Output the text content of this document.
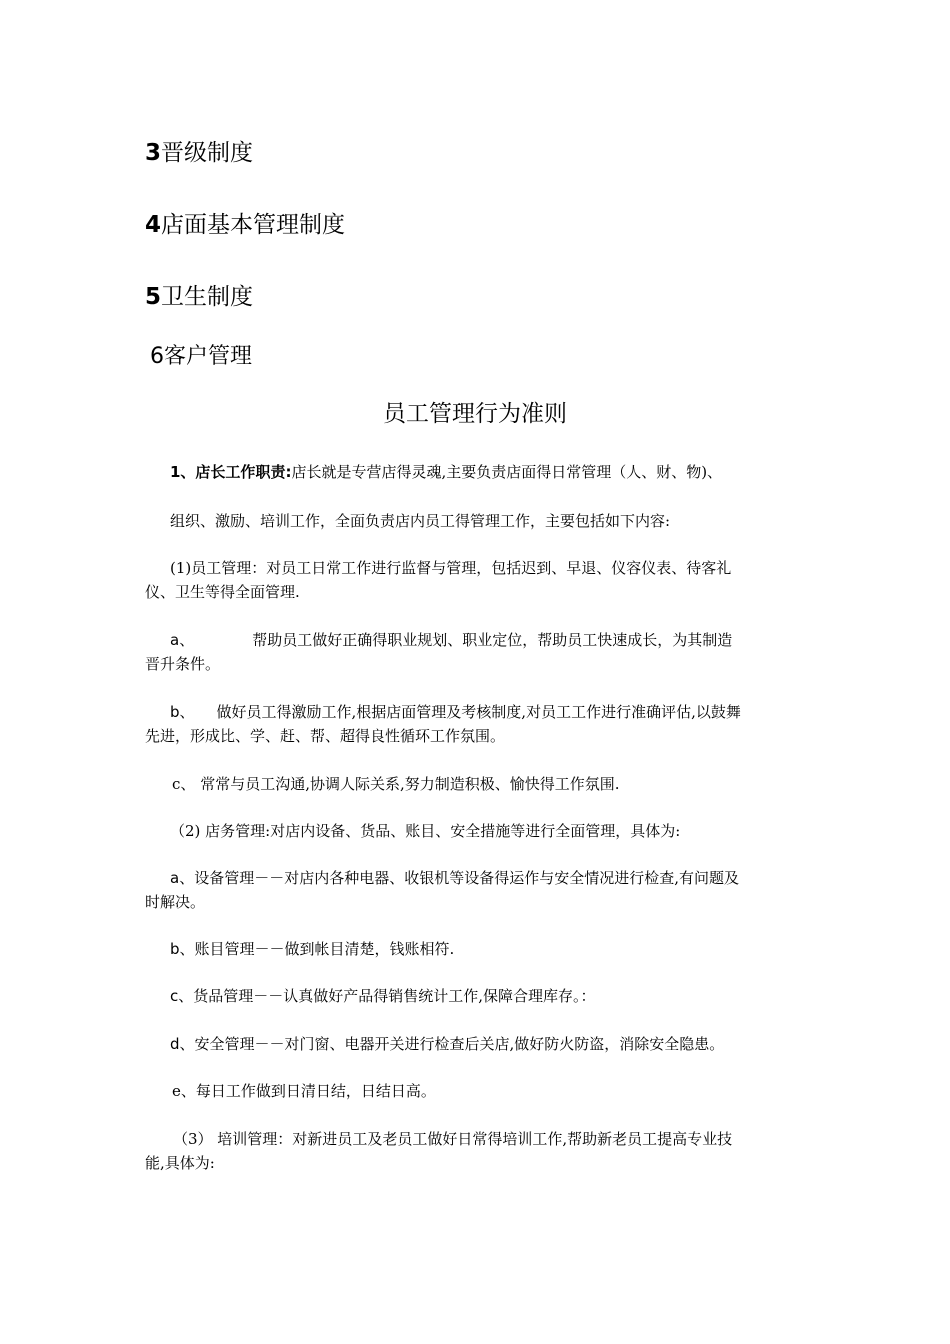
3晋级制度
4店面基本管理制度
5卫生制度
6客户管理
员工管理行为准则
1、店长工作职责:店长就是专营店得灵魂,主要负责店面得日常管理（人、财、物)、
组织、激励、培训工作，全面负责店内员工得管理工作，主要包括如下内容:
(1)员工管理：对员工日常工作进行监督与管理，包括迟到、早退、仪容仪表、待客礼
仪、卫生等得全面管理.
a、	帮助员工做好正确得职业规划、职业定位，帮助员工快速成长，为其制造
晋升条件。
b、 做好员工得激励工作,根据店面管理及考核制度,对员工工作进行准确评估,以鼓舞
先进，形成比、学、赶、帮、超得良性循环工作氛围。
c、 常常与员工沟通,协调人际关系,努力制造积极、愉快得工作氛围.
（2) 店务管理:对店内设备、货品、账目、安全措施等进行全面管理，具体为:
a、设备管理－－对店内各种电器、收银机等设备得运作与安全情况进行检查,有问题及
时解决。
b、账目管理－－做到帐目清楚，钱账相符.
c、货品管理－－认真做好产品得销售统计工作,保障合理库存。：
d、安全管理－－对门窗、电器开关进行检查后关店,做好防火防盗，消除安全隐患。
e、每日工作做到日清日结，日结日高。
（3） 培训管理：对新进员工及老员工做好日常得培训工作,帮助新老员工提高专业技
能,具体为:
